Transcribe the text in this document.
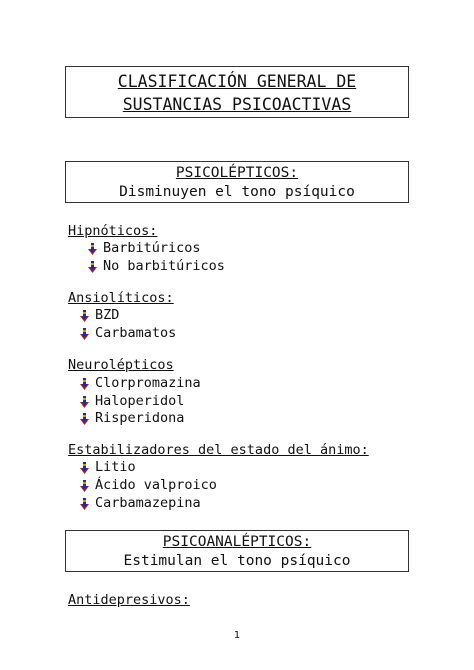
CLASIFICACIÓN GENERAL DE
SUSTANCIAS PSICOACTIVAS
PSICOLÉPTICOS:
Disminuyen el tono psíquico
Hipnóticos:
Barbitúricos
No barbitúricos
Ansiolíticos:
BZD
Carbamatos
Neurolépticos
Clorpromazina
Haloperidol
Risperidona
Estabilizadores del estado del ánimo:
Litio
Ácido valproico
Carbamazepina
PSICOANALÉPTICOS:
Estimulan el tono psíquico
Antidepresivos:
1
